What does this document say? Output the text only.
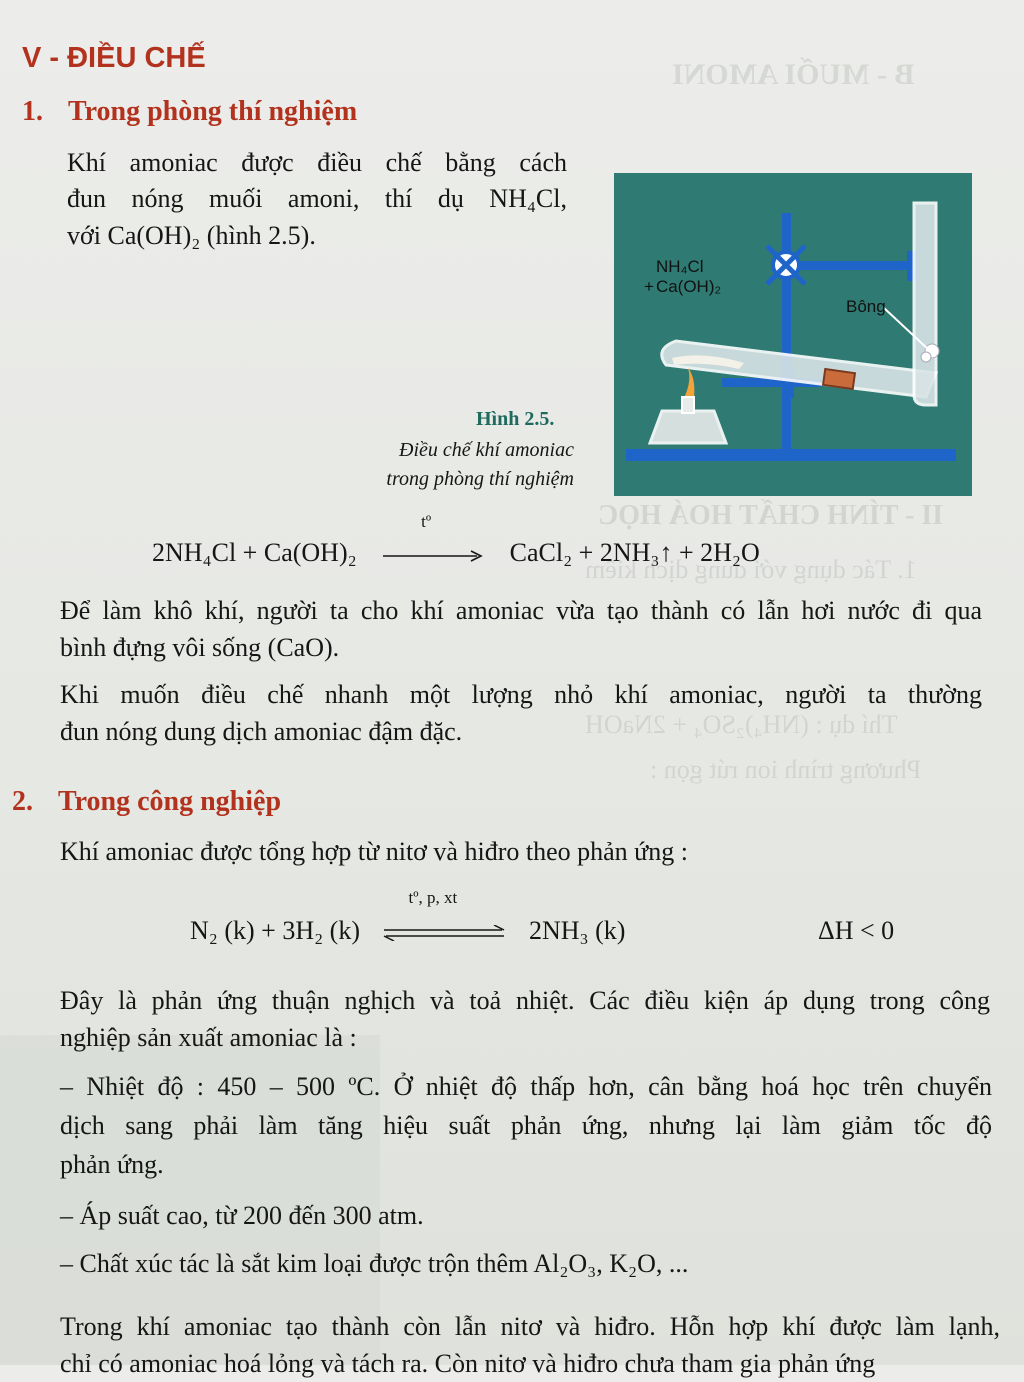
B - MUỐI AMONI
II - TÍNH CHẤT HOÁ HỌC
1. Tác dụng với dung dịch kiềm
Phương trình ion rút gọn :
Thí dụ : (NH₄)₂SO₄ + 2NaOH
V - ĐIỀU CHẾ
1. Trong phòng thí nghiệm
Khí amoniac được điều chế bằng cách
đun nóng muối amoni, thí dụ NH₄Cl,
với Ca(OH)₂ (hình 2.5).
NH₄Cl
+ Ca(OH)₂
Bông
Hình 2.5.
Điều chế khí amoniac
trong phòng thí nghiệm
2NH₄Cl + Ca(OH)₂
tº
CaCl₂ + 2NH₃↑ + 2H₂O
Để làm khô khí, người ta cho khí amoniac vừa tạo thành có lẫn hơi nước đi qua
bình đựng vôi sống (CaO).
Khi muốn điều chế nhanh một lượng nhỏ khí amoniac, người ta thường
đun nóng dung dịch amoniac đậm đặc.
2. Trong công nghiệp
Khí amoniac được tổng hợp từ nitơ và hiđro theo phản ứng :
N₂ (k) + 3H₂ (k)
tº, p, xt
2NH₃ (k)	ΔH < 0
Đây là phản ứng thuận nghịch và toả nhiệt. Các điều kiện áp dụng trong công
nghiệp sản xuất amoniac là :
– Nhiệt độ : 450 – 500 ºC. Ở nhiệt độ thấp hơn, cân bằng hoá học trên chuyển
dịch sang phải làm tăng hiệu suất phản ứng, nhưng lại làm giảm tốc độ
phản ứng.
– Áp suất cao, từ 200 đến 300 atm.
– Chất xúc tác là sắt kim loại được trộn thêm Al₂O₃, K₂O, ...
Trong khí amoniac tạo thành còn lẫn nitơ và hiđro. Hỗn hợp khí được làm lạnh,
chỉ có amoniac hoá lỏng và tách ra. Còn nitơ và hiđro chưa tham gia phản ứng
